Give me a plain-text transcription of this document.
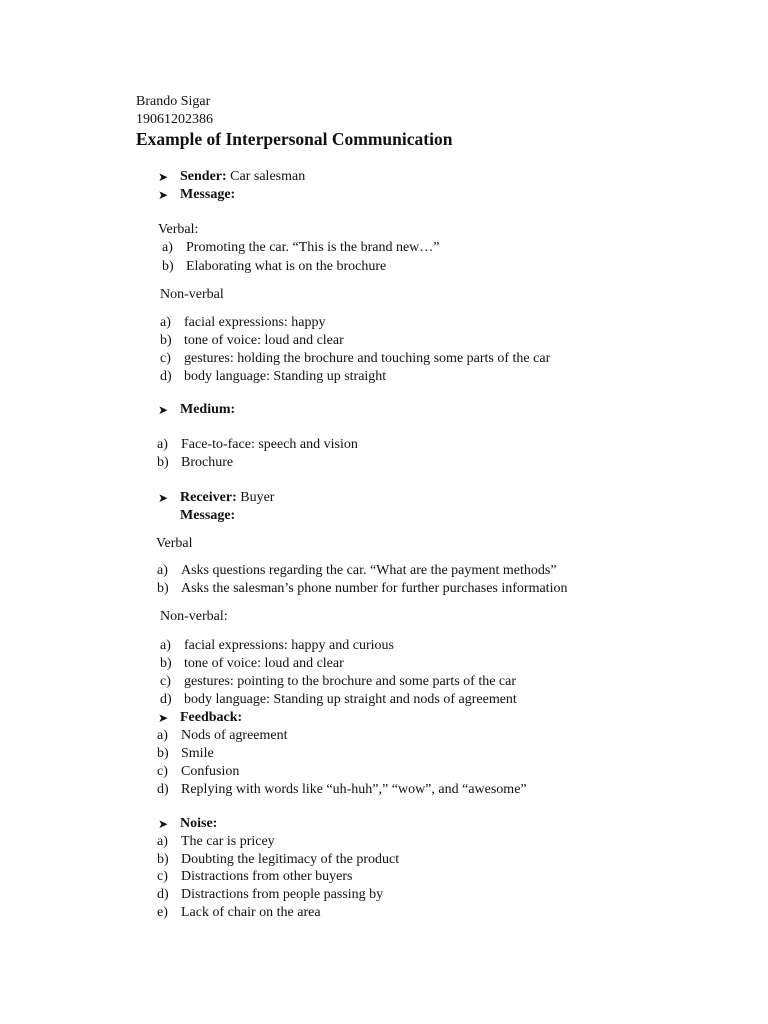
Brando Sigar
19061202386
Example of Interpersonal Communication
➤ Sender: Car salesman
➤ Message:
Verbal:
a) Promoting the car. “This is the brand new…”
b) Elaborating what is on the brochure
Non-verbal
a) facial expressions: happy
b) tone of voice: loud and clear
c) gestures: holding the brochure and touching some parts of the car
d) body language: Standing up straight
➤ Medium:
a) Face-to-face: speech and vision
b) Brochure
➤ Receiver: Buyer
Message:
Verbal
a) Asks questions regarding the car. “What are the payment methods”
b) Asks the salesman’s phone number for further purchases information
Non-verbal:
a) facial expressions: happy and curious
b) tone of voice: loud and clear
c) gestures: pointing to the brochure and some parts of the car
d) body language: Standing up straight and nods of agreement
➤ Feedback:
a) Nods of agreement
b) Smile
c) Confusion
d) Replying with words like “uh-huh”,” “wow”, and “awesome”
➤ Noise:
a) The car is pricey
b) Doubting the legitimacy of the product
c) Distractions from other buyers
d) Distractions from people passing by
e) Lack of chair on the area
